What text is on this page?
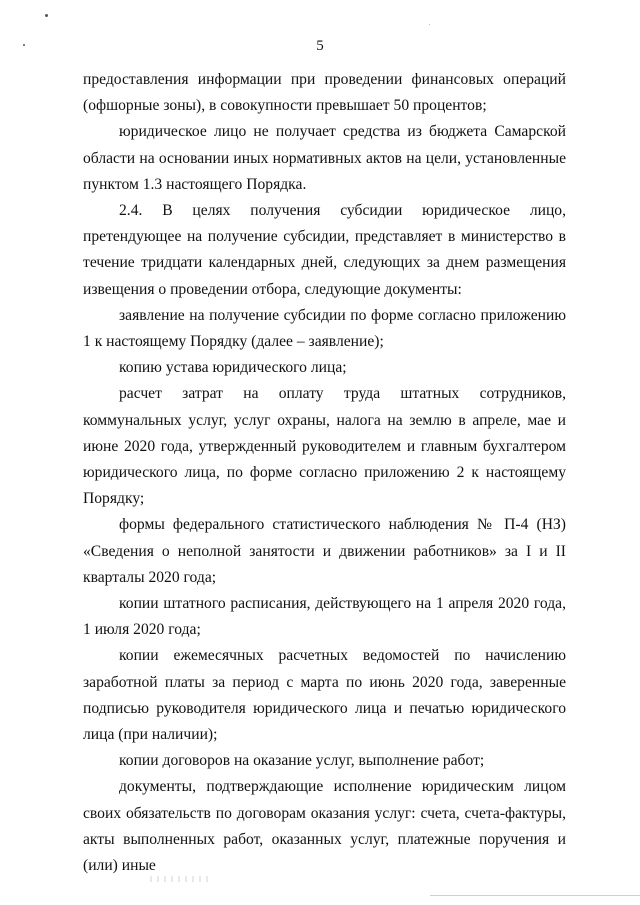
5

предоставления информации при проведении финансовых операций (офшорные зоны), в совокупности превышает 50 процентов;

юридическое лицо не получает средства из бюджета Самарской области на основании иных нормативных актов на цели, установленные пунктом 1.3 настоящего Порядка.

2.4. В целях получения субсидии юридическое лицо, претендующее на получение субсидии, представляет в министерство в течение тридцати календарных дней, следующих за днем размещения извещения о проведении отбора, следующие документы:

заявление на получение субсидии по форме согласно приложению 1 к настоящему Порядку (далее – заявление);

копию устава юридического лица;

расчет затрат на оплату труда штатных сотрудников, коммунальных услуг, услуг охраны, налога на землю в апреле, мае и июне 2020 года, утвержденный руководителем и главным бухгалтером юридического лица, по форме согласно приложению 2 к настоящему Порядку;

формы федерального статистического наблюдения № П-4 (НЗ) «Сведения о неполной занятости и движении работников» за I и II кварталы 2020 года;

копии штатного расписания, действующего на 1 апреля 2020 года, 1 июля 2020 года;

копии ежемесячных расчетных ведомостей по начислению заработной платы за период с марта по июнь 2020 года, заверенные подписью руководителя юридического лица и печатью юридического лица (при наличии);

копии договоров на оказание услуг, выполнение работ;

документы, подтверждающие исполнение юридическим лицом своих обязательств по договорам оказания услуг: счета, счета-фактуры, акты выполненных работ, оказанных услуг, платежные поручения и (или) иные
